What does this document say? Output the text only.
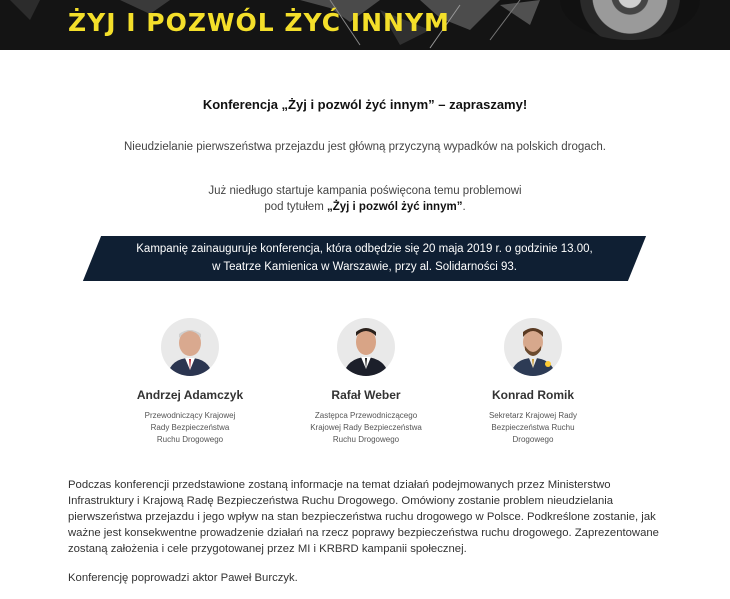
ŻYJ I POZWÓL ŻYĆ INNYM
Konferencja „Żyj i pozwól żyć innym” – zapraszamy!
Nieudzielanie pierwszeństwa przejazdu jest główną przyczyną wypadków na polskich drogach.
Już niedługo startuje kampania poświęcona temu problemowi
pod tytułem „Żyj i pozwól żyć innym”.
Kampanię zainauguruje konferencja, która odbędzie się 20 maja 2019 r. o godzinie 13.00,
w Teatrze Kamienica w Warszawie, przy al. Solidarności 93.
Andrzej Adamczyk
Przewodniczący Krajowej
Rady Bezpieczeństwa
Ruchu Drogowego
Rafał Weber
Zastępca Przewodniczącego
Krajowej Rady Bezpieczeństwa
Ruchu Drogowego
Konrad Romik
Sekretarz Krajowej Rady
Bezpieczeństwa Ruchu
Drogowego

Podczas konferencji przedstawione zostaną informacje na temat działań podejmowanych przez Ministerstwo Infrastruktury i Krajową Radę Bezpieczeństwa Ruchu Drogowego. Omówiony zostanie problem nieudzielania pierwszeństwa przejazdu i jego wpływ na stan bezpieczeństwa ruchu drogowego w Polsce. Podkreślone zostanie, jak ważne jest konsekwentne prowadzenie działań na rzecz poprawy bezpieczeństwa ruchu drogowego. Zaprezentowane zostaną założenia i cele przygotowanej przez MI i KRBRD kampanii społecznej.

Konferencję poprowadzi aktor Paweł Burczyk.
